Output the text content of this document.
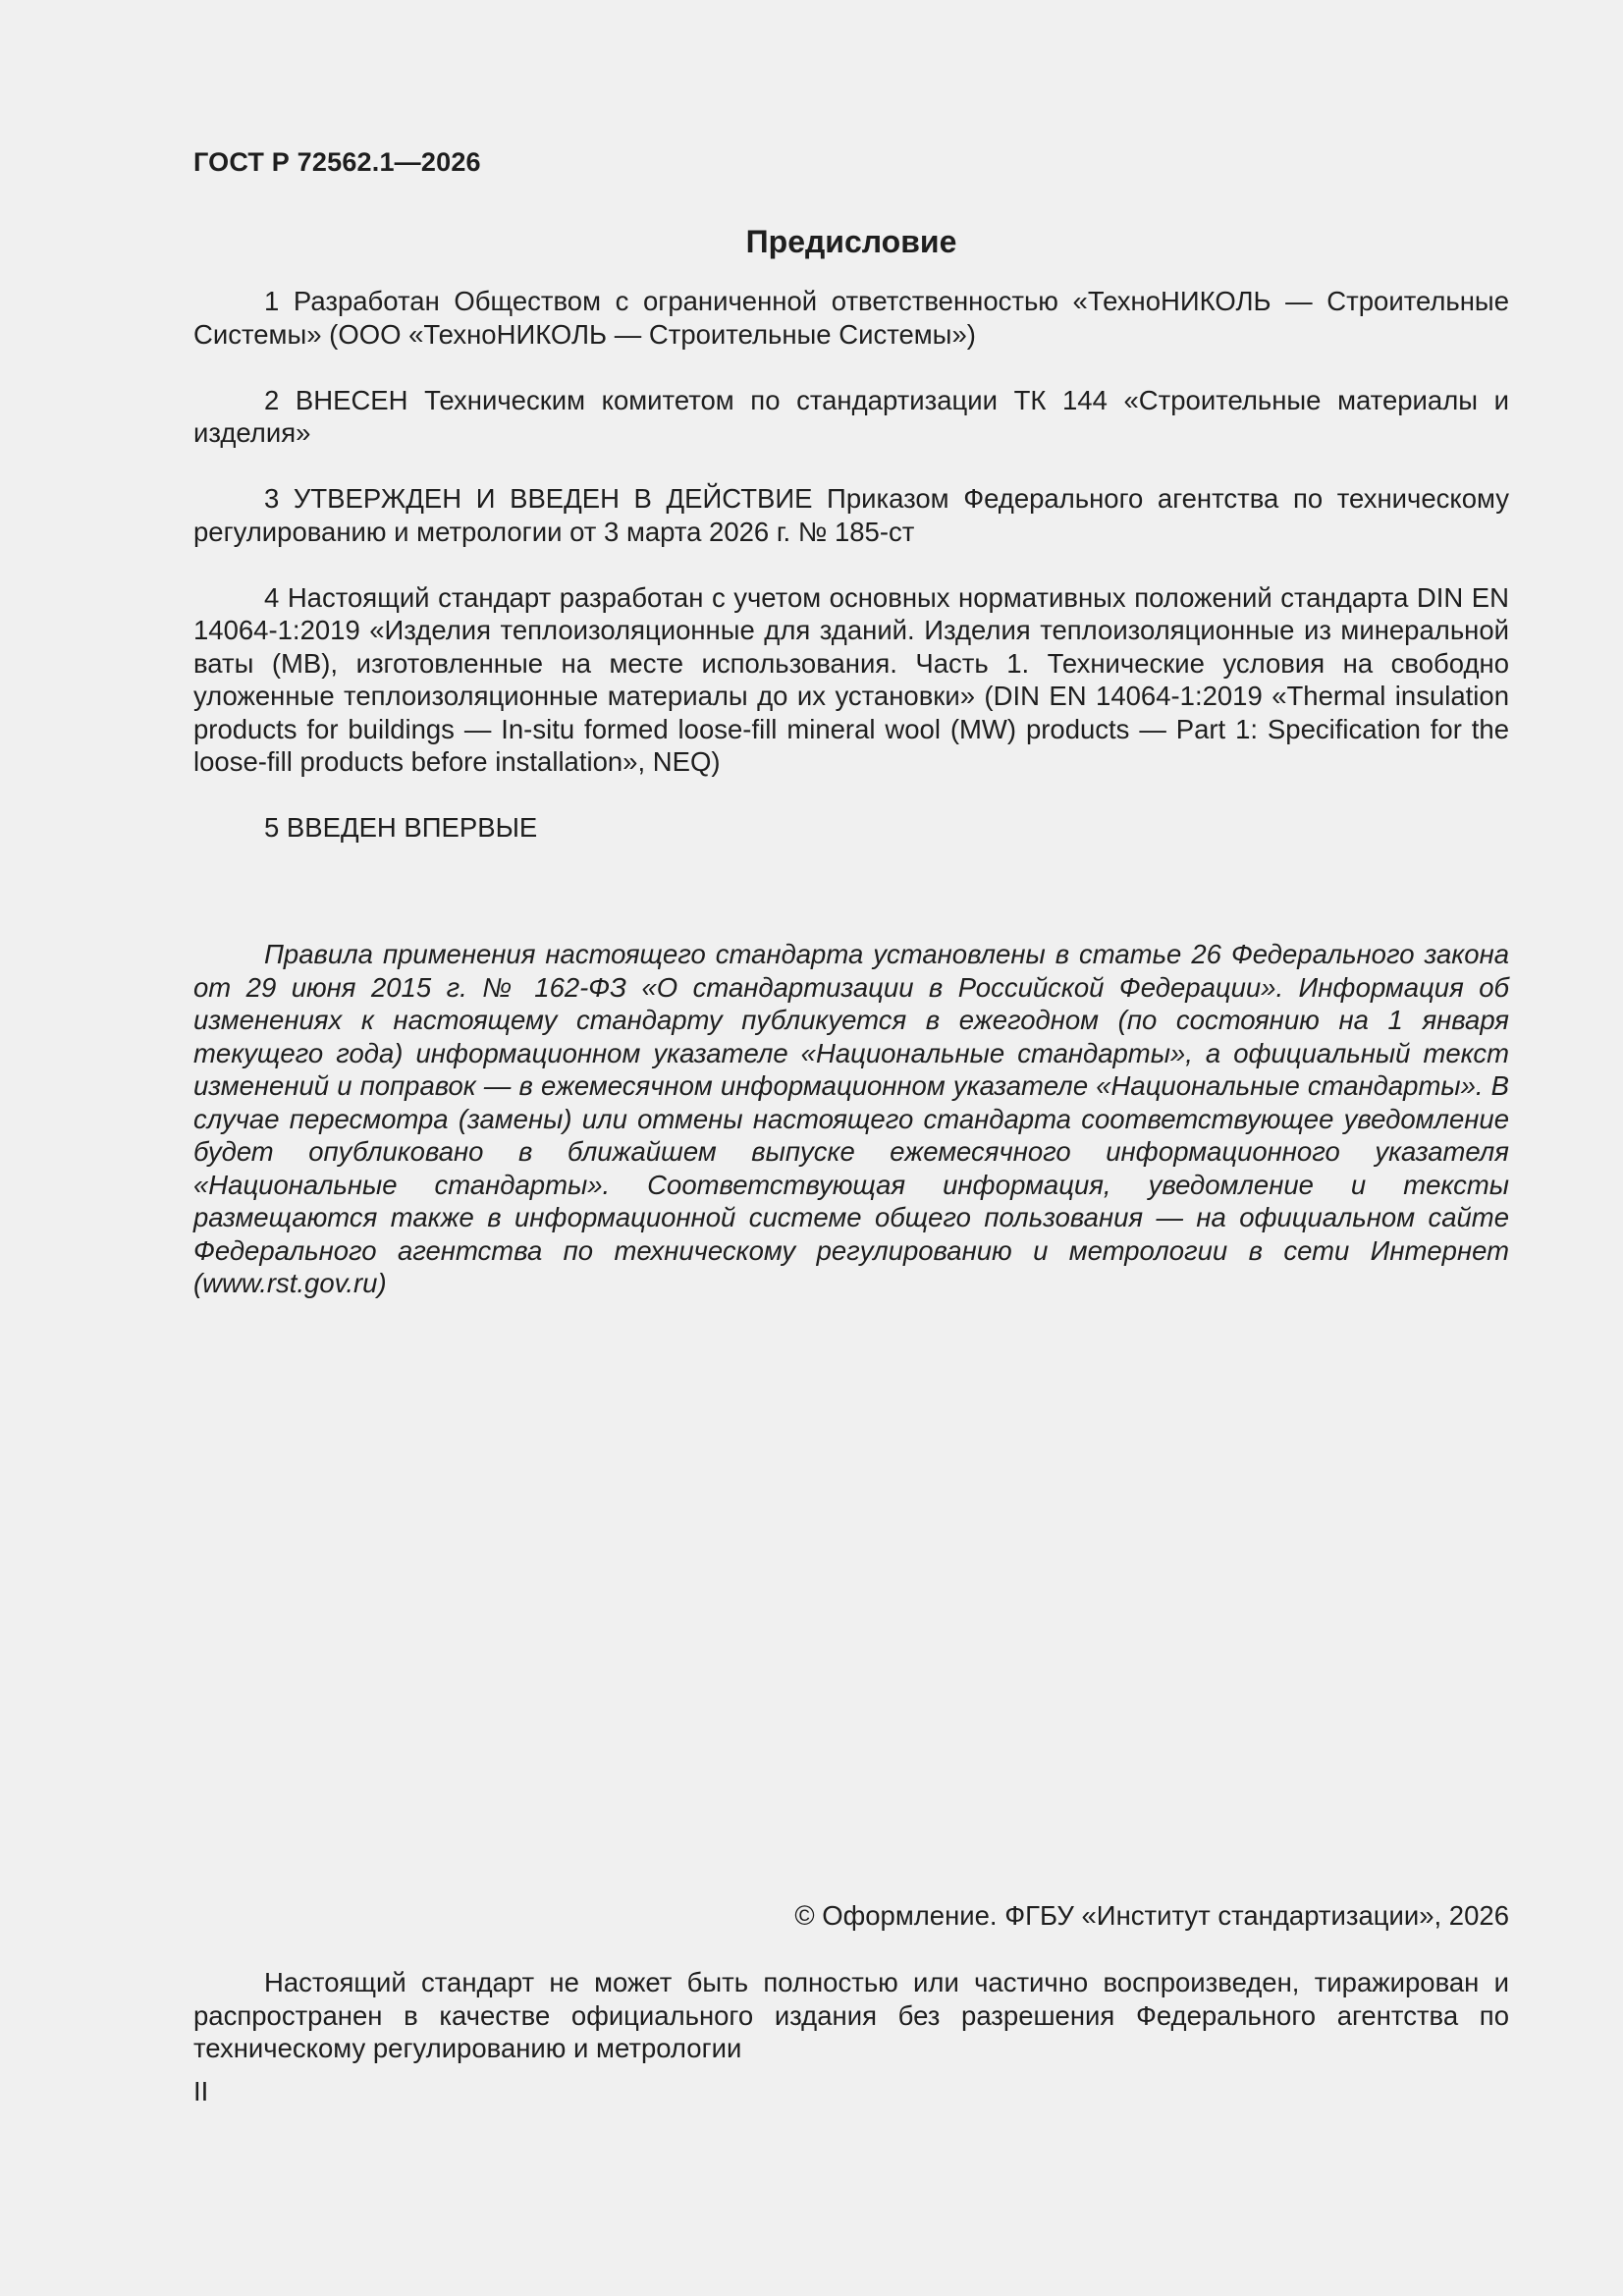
ГОСТ Р 72562.1—2026
Предисловие

1 Разработан Обществом с ограниченной ответственностью «ТехноНИКОЛЬ — Строительные Системы» (ООО «ТехноНИКОЛЬ — Строительные Системы»)

2 ВНЕСЕН Техническим комитетом по стандартизации ТК 144 «Строительные материалы и изделия»

3 УТВЕРЖДЕН И ВВЕДЕН В ДЕЙСТВИЕ Приказом Федерального агентства по техническому регулированию и метрологии от 3 марта 2026 г. № 185-ст

4 Настоящий стандарт разработан с учетом основных нормативных положений стандарта DIN EN 14064-1:2019 «Изделия теплоизоляционные для зданий. Изделия теплоизоляционные из минеральной ваты (MB), изготовленные на месте использования. Часть 1. Технические условия на свободно уложенные теплоизоляционные материалы до их установки» (DIN EN 14064-1:2019 «Thermal insulation products for buildings — In-situ formed loose-fill mineral wool (MW) products — Part 1: Specification for the loose-fill products before installation», NEQ)

5 ВВЕДЕН ВПЕРВЫЕ

Правила применения настоящего стандарта установлены в статье 26 Федерального закона от 29 июня 2015 г. № 162-ФЗ «О стандартизации в Российской Федерации». Информация об изменениях к настоящему стандарту публикуется в ежегодном (по состоянию на 1 января текущего года) информационном указателе «Национальные стандарты», а официальный текст изменений и поправок — в ежемесячном информационном указателе «Национальные стандарты». В случае пересмотра (замены) или отмены настоящего стандарта соответствующее уведомление будет опубликовано в ближайшем выпуске ежемесячного информационного указателя «Национальные стандарты». Соответствующая информация, уведомление и тексты размещаются также в информационной системе общего пользования — на официальном сайте Федерального агентства по техническому регулированию и метрологии в сети Интернет (www.rst.gov.ru)

© Оформление. ФГБУ «Институт стандартизации», 2026

Настоящий стандарт не может быть полностью или частично воспроизведен, тиражирован и распространен в качестве официального издания без разрешения Федерального агентства по техническому регулированию и метрологии

II
